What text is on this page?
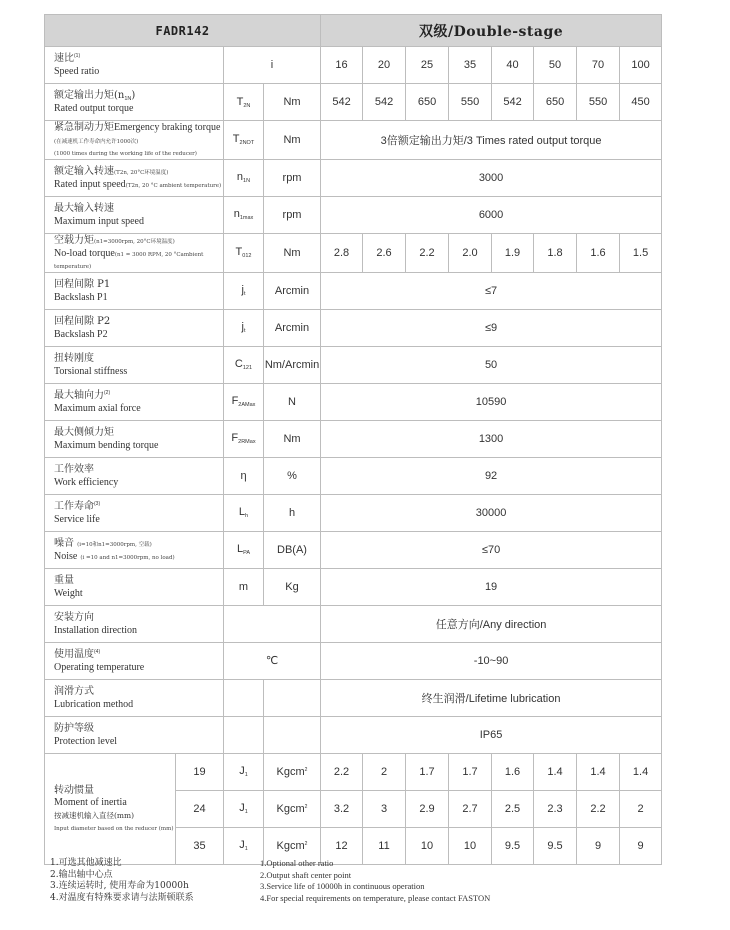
FADR142				双级/Double-stage							
速比$^{(1)}$
Speed ratio		i		16	20	25	35	40	50	70	100
额定输出力矩$(n_{1N})$
Rated output torque		$T_{2N}$	Nm	542	542	650	550	542	650	550	450
紧急制动力矩Emergency braking torque
(在减速机工作寿命内允许1000次)
(1000 times during the working life of the reducer)		$T_{2NOT}$	Nm	3倍额定输出力矩/3 Times rated output torque							
额定输入转速(T2n, 20°C环境温度)
Rated input speed(T2n, 20 °C ambient temperature)		$n_{1N}$	rpm	3000							
最大输入转速
Maximum input speed		$n_{1max}$	rpm	6000							
空载力矩(n1=3000rpm, 20°C环境温度)
No-load torque(n1 = 3000 RPM, 20 °Cambient temperature)		$T_{012}$	Nm	2.8	2.6	2.2	2.0	1.9	1.8	1.6	1.5
回程间隙 P1
Backslash P1		$j_t$	Arcmin	≤7							
回程间隙 P2
Backslash P2		$j_t$	Arcmin	≤9							
扭转刚度
Torsional stiffness		$C_{121}$	Nm/Arcmin	50							
最大轴向力$^{(2)}$
Maximum axial force		$F_{2AMax}$	N	10590							
最大侧倾力矩
Maximum bending torque		$F_{2RMax}$	Nm	1300							
工作效率
Work efficiency		η	%	92							
工作寿命$^{(3)}$
Service life		$L_h$	h	30000							
噪音 (i=10和n1=3000rpm, 空载)
Noise (i =10 and n1=3000rpm, no load)		$L_{PA}$	DB(A)	≤70							
重量
Weight		m	Kg	19							
安装方向
Installation direction				任意方向/Any direction							
使用温度$^{(4)}$
Operating temperature		℃		-10~90							
润滑方式
Lubrication method				终生润滑/Lifetime lubrication							
防护等级
Protection level				IP65							
转动惯量
Moment of inertia
按减速机输入直径(mm)
Input diameter based on the reducer (mm)	19	$J_1$	Kgcm$^2$	2.2	2	1.7	1.7	1.6	1.4	1.4	1.4
	24	$J_1$	Kgcm$^2$	3.2	3	2.9	2.7	2.5	2.3	2.2	2
	35	$J_1$	Kgcm$^2$	12	11	10	10	9.5	9.5	9	9
1.可选其他减速比
2.输出轴中心点
3.连续运转时, 使用寿命为10000h
4.对温度有特殊要求请与法斯顿联系
1.Optional other ratio
2.Output shaft center point
3.Service life of 10000h in continuous operation
4.For special requirements on temperature, please contact FASTON
